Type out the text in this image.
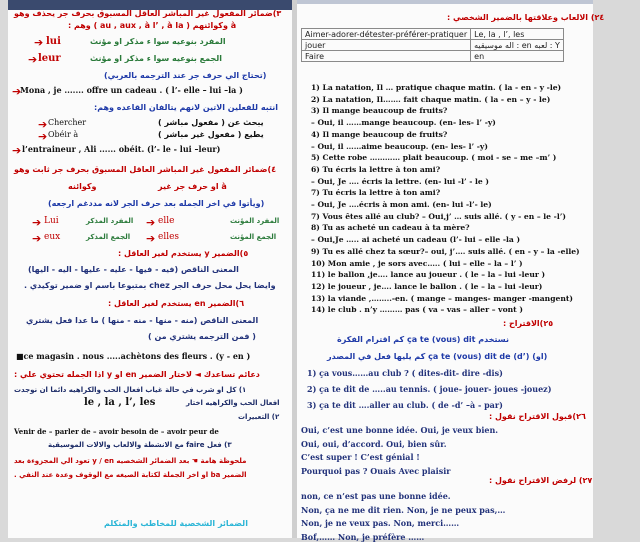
٣)ضمائر المفعول غير المباشر العاقل المسبوق بحرف جر يحذف وهو
à وكوائنهم ( au , aux , à l’ , à la ) وهم :
المفرد بنوعيه سوا ء مذكر او مؤنث
lui
الجمع بنوعيه سوا ء مذكر او مؤنث
leur
(تحتاج الي حرف جر عند الترجمه بالعربي)
Mona , je ....... offre un cadeau . ( l’- elle – lui –la )
انتبه للفعلين الاتين لانهم يتالفان القاعده وهم:
Chercher	يبحث عن ( مفعول مباشر )
Obéir à	يطيع ( مفعول غير مباشر )
l’entraineur , Ali ...... obéit. (l’- le - lui –leur)
٤)ضمائر المفعول غير المباشر العاقل المسبوق بحرف جر ثابت وهو
à او حرف جر غير
وكوائنه
(ويأتوا في اخر الجمله بعد حرف الجر لانه مددغم ارجعه)
Lui	المفرد المذكر	elle	المفرد المؤنث
eux	الجمع المذكر	elles	الجمع المؤنث
٥)الضمير y يستخدم لغير العاقل :
المعنى الناقص (فيه - فيها - عليه - عليها - اليه - اليها)
وايضا يحل محل حرف الجر chez بمتبوعا باسم او ضمير توكيدي .
٦)الضمير en يستخدم لغير العاقل :
المعنى الناقص (منه - منها - منه - منها ) ما عدا فعل يشتري
( فمن الترجمه يشتري من )
■ce magasin . nous .....achètons des fleurs . (y - en )
دعائم تساعدك ◄ لاختار الضمير en او y اذا الجمله تحتوي علي :
١) كل او شرب في حالة غياب افعال الحب والكراهيه دائما ان نوجدت
افعال الحب والكراهيه اختار
le , la , l’, les
٢) التعبيرات
Venir de – parler de – avoir besoin de – avoir peur de
٣) فعل faire مع الانشطة والالعاب والالات الموسيقية
ملحوظة هامة ☚ بعد الضمائر الشخصيه y / en تعود الي المجزوءة بعد
الضمير ba او اخر الجملة لكتابة الصيغه مع الوقوف وعدة عند النفي .
الضمائر الشخصية للمخاطب والمتكلم
➔
➔
➔
➔
➔
➔
➔	➔
➔	➔
٢٤) الالعاب وعلاقتها بالضمير الشخصي :
Aimer-adorer-détester-préférer-pratiquer	Le, la , l’, les
jouer	اله موسيقيه : en لعبه : Y
Faire	en
1) La natation, Il … pratique chaque matin. ( la - en - y -le)
2) La natation, Il……. fait chaque matin. ( la - en – y - le)
3) Il mange beaucoup de fruits?
– Oui, il ……mange beaucoup. (en- les- l’ -y)
4) Il mange beaucoup de fruits?
– Oui, il ……aime beaucoup. (en- les- l’ -y)
5) Cette robe ………… plait beaucoup. ( moi - se – me –m’ )
6) Tu écris la lettre à ton ami?
– Oui, Je …. écris la lettre. (en- lui -l’ - le )
7) Tu écris la lettre à ton ami?
– Oui, Je ….écris à mon ami. (en- lui -l’- le)
7) Vous êtes allé au club? – Oui,j’ … suis allé. ( y - en – le -l’)
8) Tu as acheté un cadeau à ta mère?
– Oui,Je ….. ai acheté un cadeau (l’- lui – elle -la )
9) Tu es allé chez ta sœur?– oui, j’…. suis allé. ( en - y – la -elle)
10) Mon amie , je sors avec….. ( lui – elle – la – l’ )
11) le ballon ,je…. lance au joueur . ( le – la – lui -leur )
12) le joueur , je…. lance le ballon . ( le – la – lui -leur)
13) la viande ,……..-en. ( mange – manges- manger -mangent)
14) le club . n’y ……… pas ( va – vas – aller – vont )
٢٥)الاقتراح :
نستخدم ça te (vous) dit كم اقترام الفكرة
(او) ça te (vous) dit de (d’) كم يليها فعل في المصدر
1) ça vous……au club ? ( dites-dit- dire -dis)
2) ça te dit de …..au tennis. ( joue- jouer- joues -jouez)
3) ça te dit ….aller au club. ( de -d’ –à - par)
٢٦)قبول الاقتراح نقول :
Oui, c’est une bonne idée. Oui, je veux bien.
Oui, oui, d’accord. Oui, bien sûr.
C’est super ! C’est génial !
Pourquoi pas ? Ouais Avec plaisir
٢٧) لرفض الاقتراح نقول :
non, ce n’est pas une bonne idée.
Non, ça ne me dit rien. Non, je ne peux pas,…
Non, je ne veux pas. Non, merci……
Bof,…… Non, je préfère ……
